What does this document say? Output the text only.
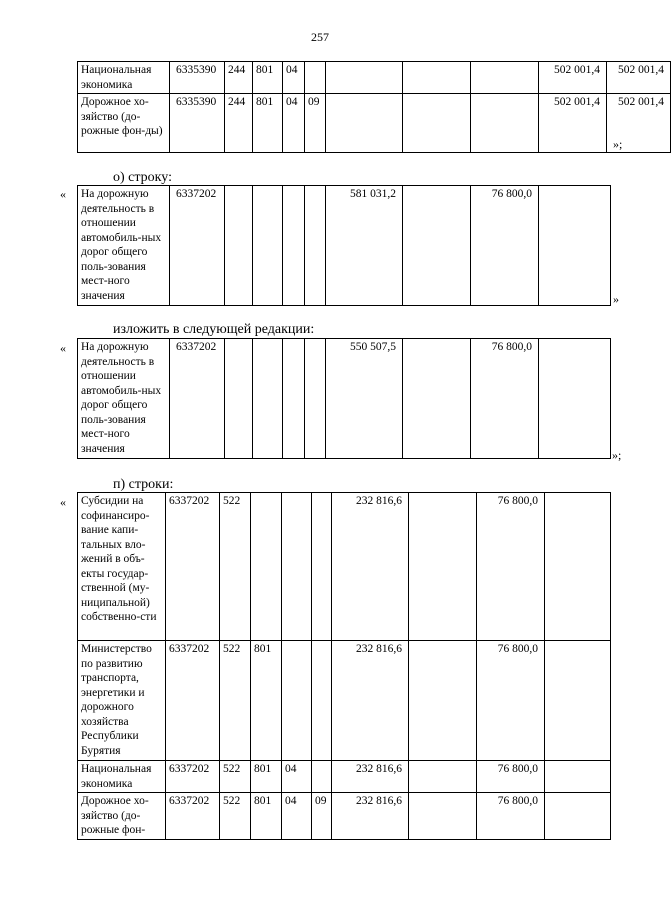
257
Национальная экономика	6335390	244	801	04					502 001,4	502 001,4
Дорожное хо-зяйство (до-рожные фон-ды)	6335390	244	801	04	09				502 001,4	502 001,4
»;
о) строку:
« На дорожную деятельность в отношении автомобиль-ных дорог общего поль-зования мест-ного значения	6337202					581 031,2		76 800,0	
»
изложить в следующей редакции:
« На дорожную деятельность в отношении автомобиль-ных дорог общего поль-зования мест-ного значения	6337202					550 507,5		76 800,0	
»;
п) строки:
« Субсидии на софинансиро-вание капи-тальных вло-жений в объ-екты государ-ственной (му-ниципальной) собственно-сти	6337202	522				232 816,6		76 800,0	
Министерство по развитию транспорта, энергетики и дорожного хозяйства Республики Бурятия	6337202	522	801			232 816,6		76 800,0	
Национальная экономика	6337202	522	801	04		232 816,6		76 800,0	
Дорожное хо-зяйство (до-рожные фон-	6337202	522	801	04	09	232 816,6		76 800,0	
